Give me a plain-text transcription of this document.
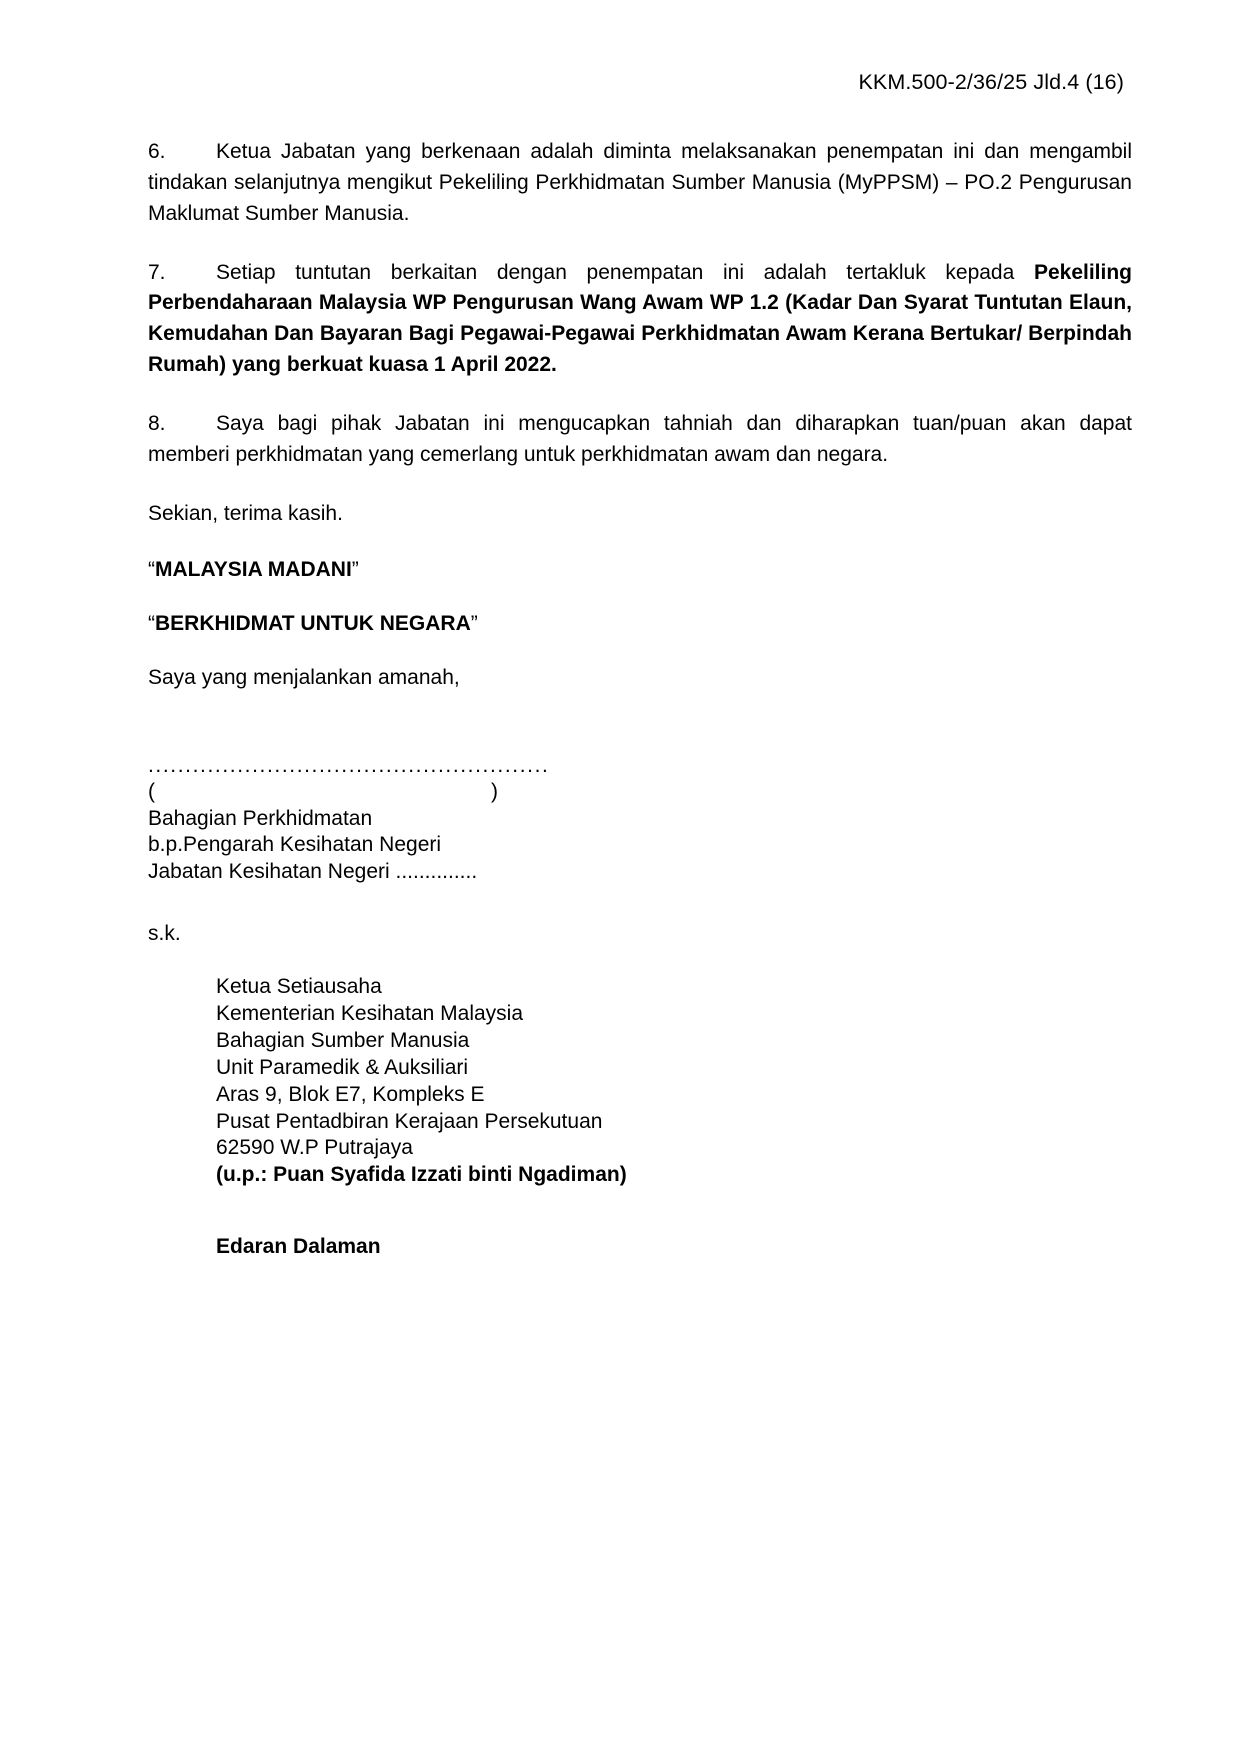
KKM.500-2/36/25 Jld.4 (16)
6. Ketua Jabatan yang berkenaan adalah diminta melaksanakan penempatan ini dan mengambil tindakan selanjutnya mengikut Pekeliling Perkhidmatan Sumber Manusia (MyPPSM) – PO.2 Pengurusan Maklumat Sumber Manusia.
7. Setiap tuntutan berkaitan dengan penempatan ini adalah tertakluk kepada Pekeliling Perbendaharaan Malaysia WP Pengurusan Wang Awam WP 1.2 (Kadar Dan Syarat Tuntutan Elaun, Kemudahan Dan Bayaran Bagi Pegawai-Pegawai Perkhidmatan Awam Kerana Bertukar/ Berpindah Rumah) yang berkuat kuasa 1 April 2022.
8. Saya bagi pihak Jabatan ini mengucapkan tahniah dan diharapkan tuan/puan akan dapat memberi perkhidmatan yang cemerlang untuk perkhidmatan awam dan negara.
Sekian, terima kasih.
“MALAYSIA MADANI”
“BERKHIDMAT UNTUK NEGARA”
Saya yang menjalankan amanah,
......................................................
(	)
Bahagian Perkhidmatan
b.p.Pengarah Kesihatan Negeri
Jabatan Kesihatan Negeri ..............
s.k.
Ketua Setiausaha
Kementerian Kesihatan Malaysia
Bahagian Sumber Manusia
Unit Paramedik & Auksiliari
Aras 9, Blok E7, Kompleks E
Pusat Pentadbiran Kerajaan Persekutuan
62590 W.P Putrajaya
(u.p.: Puan Syafida Izzati binti Ngadiman)
Edaran Dalaman
